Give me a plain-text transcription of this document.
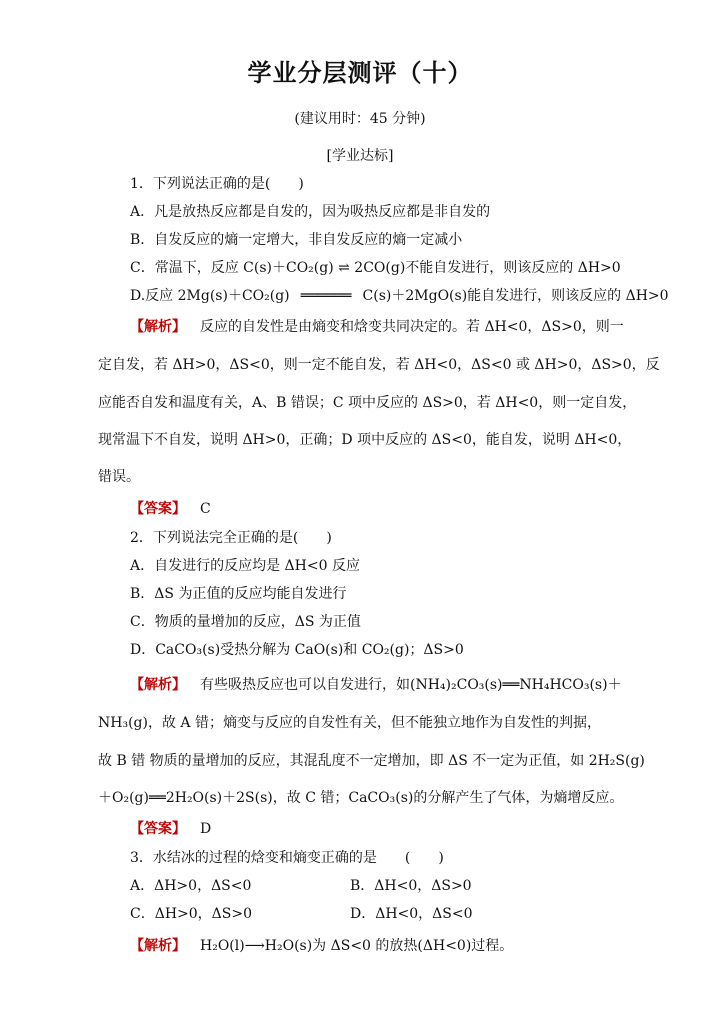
学业分层测评（十）
(建议用时：45 分钟)
[学业达标]
1．下列说法正确的是(　　)
A．凡是放热反应都是自发的，因为吸热反应都是非自发的
B．自发反应的熵一定增大，非自发反应的熵一定减小
C．常温下，反应 C(s)＋CO₂(g) ⇌ 2CO(g)不能自发进行，则该反应的 ΔH>0
D.反应 2Mg(s)＋CO₂(g) ══════ C(s)＋2MgO(s)能自发进行，则该反应的 ΔH>0
【解析】 反应的自发性是由熵变和焓变共同决定的。若 ΔH<0，ΔS>0，则一
定自发，若 ΔH>0，ΔS<0，则一定不能自发，若 ΔH<0，ΔS<0 或 ΔH>0，ΔS>0，反
应能否自发和温度有关，A、B 错误；C 项中反应的 ΔS>0，若 ΔH<0，则一定自发，
现常温下不自发，说明 ΔH>0，正确；D 项中反应的 ΔS<0，能自发，说明 ΔH<0，
错误。
【答案】 C
2．下列说法完全正确的是(　　)
A．自发进行的反应均是 ΔH<0 反应
B．ΔS 为正值的反应均能自发进行
C．物质的量增加的反应，ΔS 为正值
D．CaCO₃(s)受热分解为 CaO(s)和 CO₂(g)；ΔS>0
【解析】 有些吸热反应也可以自发进行，如(NH₄)₂CO₃(s)══NH₄HCO₃(s)＋
NH₃(g)，故 A 错；熵变与反应的自发性有关，但不能独立地作为自发性的判据，
故 B 错 物质的量增加的反应，其混乱度不一定增加，即 ΔS 不一定为正值，如 2H₂S(g)
＋O₂(g)══2H₂O(s)＋2S(s)，故 C 错；CaCO₃(s)的分解产生了气体，为熵增反应。
【答案】 D
3．水结冰的过程的焓变和熵变正确的是　　(　　)
A．ΔH>0，ΔS<0	B．ΔH<0，ΔS>0
C．ΔH>0，ΔS>0	D．ΔH<0，ΔS<0
【解析】 H₂O(l)⟶H₂O(s)为 ΔS<0 的放热(ΔH<0)过程。
